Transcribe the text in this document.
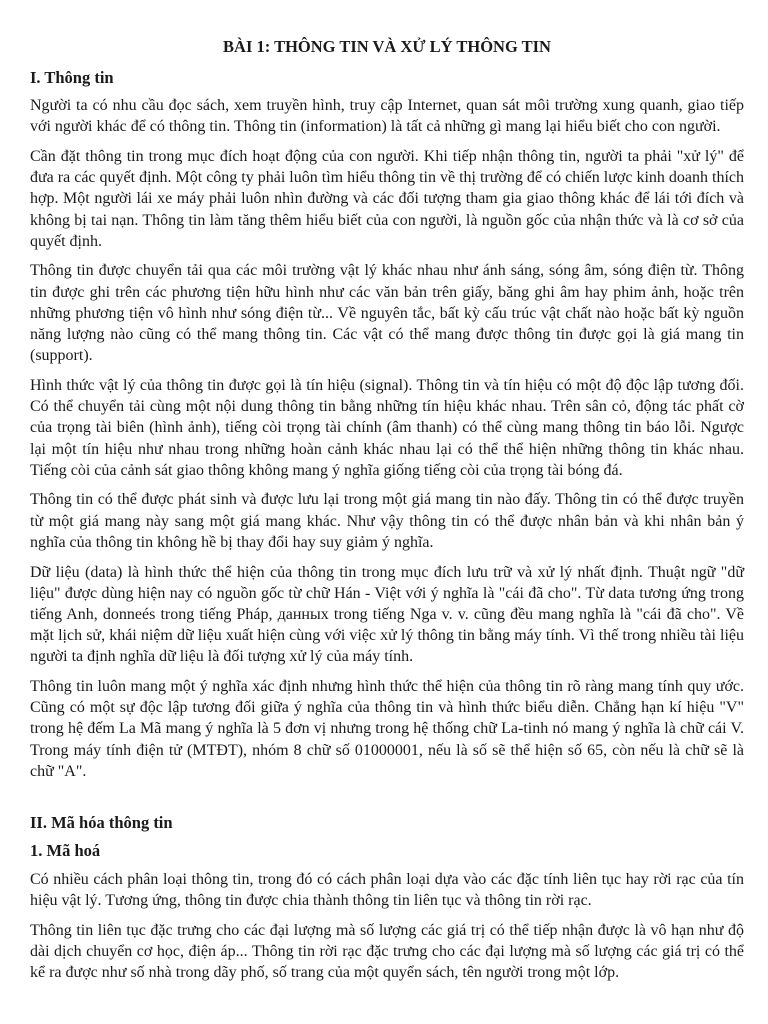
BÀI 1: THÔNG TIN VÀ XỬ LÝ THÔNG TIN
I. Thông tin

Người ta có nhu cầu đọc sách, xem truyền hình, truy cập Internet, quan sát môi trường xung quanh, giao tiếp với người khác để có thông tin. Thông tin (information) là tất cả những gì mang lại hiểu biết cho con người.

Cần đặt thông tin trong mục đích hoạt động của con người. Khi tiếp nhận thông tin, người ta phải "xử lý" để đưa ra các quyết định. Một công ty phải luôn tìm hiểu thông tin về thị trường để có chiến lược kinh doanh thích hợp. Một người lái xe máy phải luôn nhìn đường và các đối tượng tham gia giao thông khác để lái tới đích và không bị tai nạn. Thông tin làm tăng thêm hiểu biết của con người, là nguồn gốc của nhận thức và là cơ sở của quyết định.

Thông tin được chuyển tải qua các môi trường vật lý khác nhau như ánh sáng, sóng âm, sóng điện từ. Thông tin được ghi trên các phương tiện hữu hình như các văn bản trên giấy, băng ghi âm hay phim ảnh, hoặc trên những phương tiện vô hình như sóng điện từ... Về nguyên tắc, bất kỳ cấu trúc vật chất nào hoặc bất kỳ nguồn năng lượng nào cũng có thể mang thông tin. Các vật có thể mang được thông tin được gọi là giá mang tin (support).

Hình thức vật lý của thông tin được gọi là tín hiệu (signal). Thông tin và tín hiệu có một độ độc lập tương đối. Có thể chuyển tải cùng một nội dung thông tin bằng những tín hiệu khác nhau. Trên sân cỏ, động tác phất cờ của trọng tài biên (hình ảnh), tiếng còi trọng tài chính (âm thanh) có thể cùng mang thông tin báo lỗi. Ngược lại một tín hiệu như nhau trong những hoàn cảnh khác nhau lại có thể thể hiện những thông tin khác nhau. Tiếng còi của cảnh sát giao thông không mang ý nghĩa giống tiếng còi của trọng tài bóng đá.

Thông tin có thể được phát sinh và được lưu lại trong một giá mang tin nào đấy. Thông tin có thể được truyền từ một giá mang này sang một giá mang khác. Như vậy thông tin có thể được nhân bản và khi nhân bản ý nghĩa của thông tin không hề bị thay đổi hay suy giảm ý nghĩa.

Dữ liệu (data) là hình thức thể hiện của thông tin trong mục đích lưu trữ và xử lý nhất định. Thuật ngữ "dữ liệu" được dùng hiện nay có nguồn gốc từ chữ Hán - Việt với ý nghĩa là "cái đã cho". Từ data tương ứng trong tiếng Anh, donneés trong tiếng Pháp, данных trong tiếng Nga v. v. cũng đều mang nghĩa là "cái đã cho". Về mặt lịch sử, khái niệm dữ liệu xuất hiện cùng với việc xử lý thông tin bằng máy tính. Vì thế trong nhiều tài liệu người ta định nghĩa dữ liệu là đối tượng xử lý của máy tính.

Thông tin luôn mang một ý nghĩa xác định nhưng hình thức thể hiện của thông tin rõ ràng mang tính quy ước. Cũng có một sự độc lập tương đối giữa ý nghĩa của thông tin và hình thức biểu diễn. Chẳng hạn kí hiệu "V" trong hệ đếm La Mã mang ý nghĩa là 5 đơn vị nhưng trong hệ thống chữ La-tinh nó mang ý nghĩa là chữ cái V. Trong máy tính điện tử (MTĐT), nhóm 8 chữ số 01000001, nếu là số sẽ thể hiện số 65, còn nếu là chữ sẽ là chữ "A".

II. Mã hóa thông tin
1. Mã hoá

Có nhiều cách phân loại thông tin, trong đó có cách phân loại dựa vào các đặc tính liên tục hay rời rạc của tín hiệu vật lý. Tương ứng, thông tin được chia thành thông tin liên tục và thông tin rời rạc.

Thông tin liên tục đặc trưng cho các đại lượng mà số lượng các giá trị có thể tiếp nhận được là vô hạn như độ dài dịch chuyển cơ học, điện áp... Thông tin rời rạc đặc trưng cho các đại lượng mà số lượng các giá trị có thể kể ra được như số nhà trong dãy phố, số trang của một quyển sách, tên người trong một lớp.
